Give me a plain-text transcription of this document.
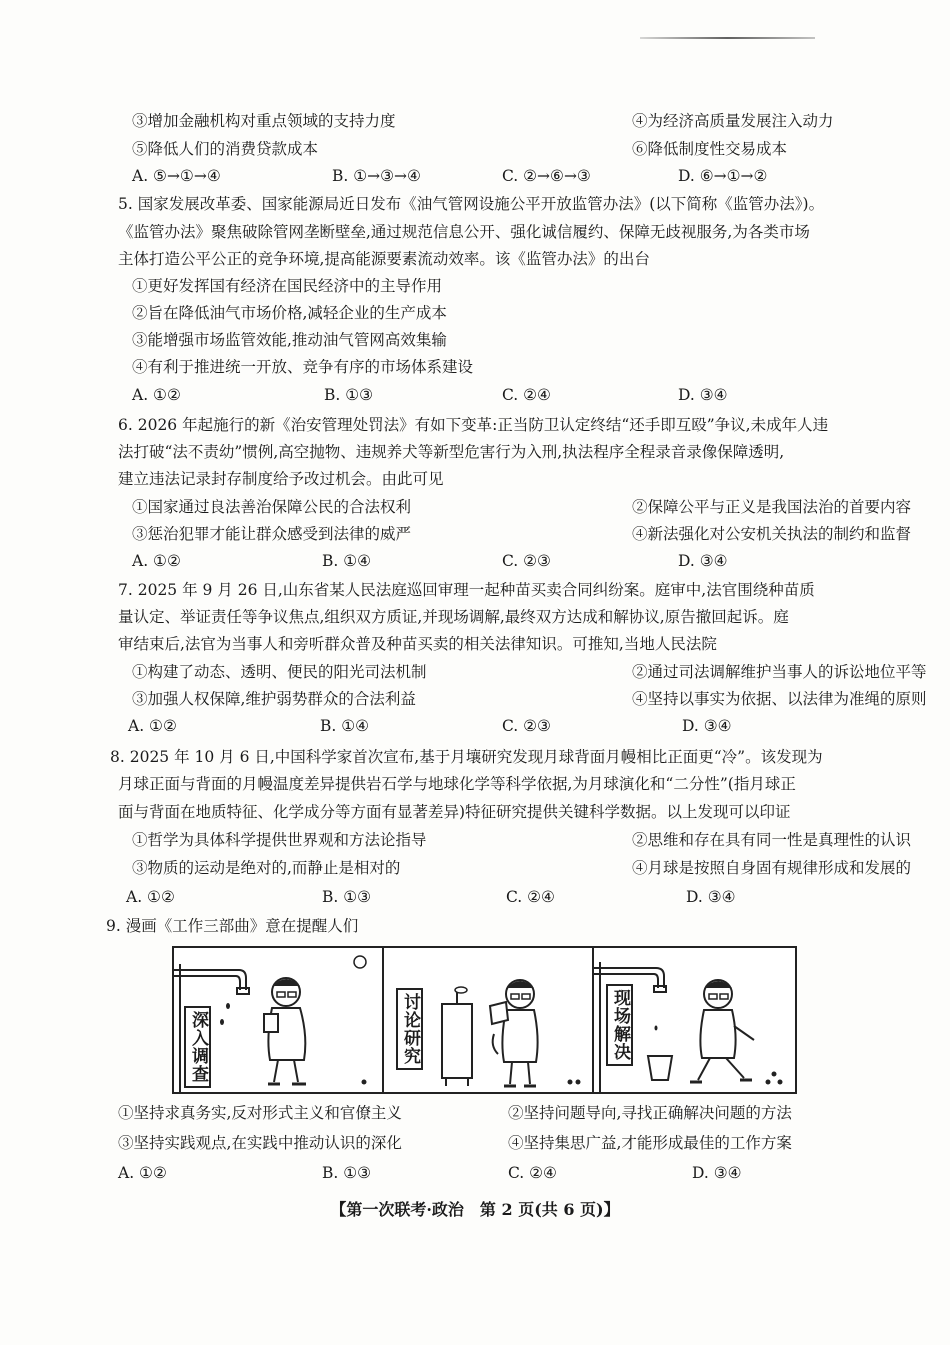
③增加金融机构对重点领域的支持力度	④为经济高质量发展注入动力
⑤降低人们的消费贷款成本	⑥降低制度性交易成本
A. ⑤→①→④	B. ①→③→④	C. ②→⑥→③	D. ⑥→①→②
5. 国家发展改革委、国家能源局近日发布《油气管网设施公平开放监管办法》(以下简称《监管办法》)。
《监管办法》聚焦破除管网垄断壁垒,通过规范信息公开、强化诚信履约、保障无歧视服务,为各类市场
主体打造公平公正的竞争环境,提高能源要素流动效率。该《监管办法》的出台
①更好发挥国有经济在国民经济中的主导作用
②旨在降低油气市场价格,减轻企业的生产成本
③能增强市场监管效能,推动油气管网高效集输
④有利于推进统一开放、竞争有序的市场体系建设
A. ①②	B. ①③	C. ②④	D. ③④
6. 2026 年起施行的新《治安管理处罚法》有如下变革:正当防卫认定终结“还手即互殴”争议,未成年人违
法打破“法不责幼”惯例,高空抛物、违规养犬等新型危害行为入刑,执法程序全程录音录像保障透明,
建立违法记录封存制度给予改过机会。由此可见
①国家通过良法善治保障公民的合法权利	②保障公平与正义是我国法治的首要内容
③惩治犯罪才能让群众感受到法律的威严	④新法强化对公安机关执法的制约和监督
A. ①②	B. ①④	C. ②③	D. ③④
7. 2025 年 9 月 26 日,山东省某人民法庭巡回审理一起种苗买卖合同纠纷案。庭审中,法官围绕种苗质
量认定、举证责任等争议焦点,组织双方质证,并现场调解,最终双方达成和解协议,原告撤回起诉。庭
审结束后,法官为当事人和旁听群众普及种苗买卖的相关法律知识。可推知,当地人民法院
①构建了动态、透明、便民的阳光司法机制	②通过司法调解维护当事人的诉讼地位平等
③加强人权保障,维护弱势群众的合法利益	④坚持以事实为依据、以法律为准绳的原则
A. ①②	B. ①④	C. ②③	D. ③④
8. 2025 年 10 月 6 日,中国科学家首次宣布,基于月壤研究发现月球背面月幔相比正面更“冷”。该发现为
月球正面与背面的月幔温度差异提供岩石学与地球化学等科学依据,为月球演化和“二分性”(指月球正
面与背面在地质特征、化学成分等方面有显著差异)特征研究提供关键科学数据。以上发现可以印证
①哲学为具体科学提供世界观和方法论指导	②思维和存在具有同一性是真理性的认识
③物质的运动是绝对的,而静止是相对的	④月球是按照自身固有规律形成和发展的
A. ①②	B. ①③	C. ②④	D. ③④
9. 漫画《工作三部曲》意在提醒人们
深入调查	讨论研究	现场解决
①坚持求真务实,反对形式主义和官僚主义	②坚持问题导向,寻找正确解决问题的方法
③坚持实践观点,在实践中推动认识的深化	④坚持集思广益,才能形成最佳的工作方案
A. ①②	B. ①③	C. ②④	D. ③④
【第一次联考·政治　第 2 页(共 6 页)】
